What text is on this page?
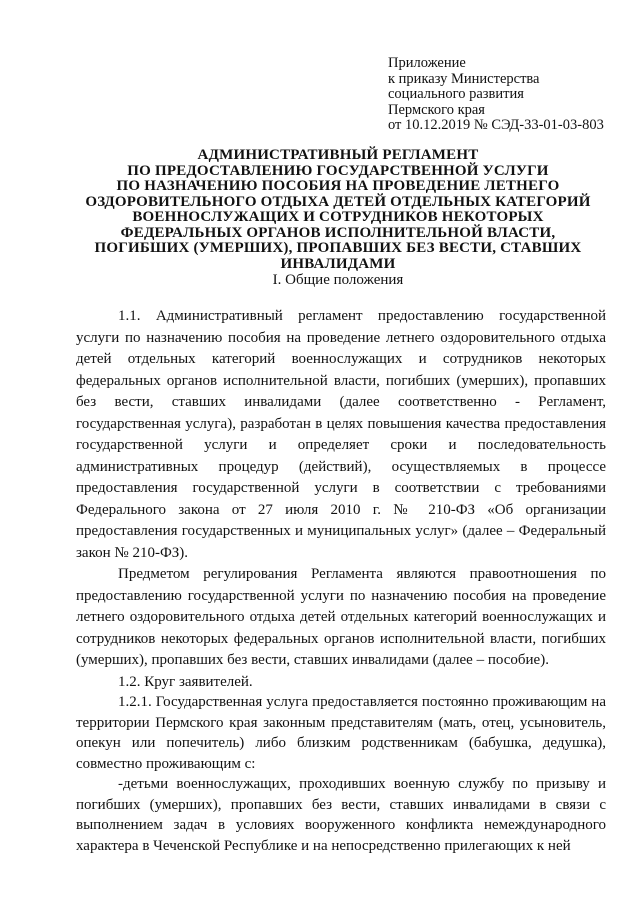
Приложение
к приказу Министерства
социального развития
Пермского края
от 10.12.2019 № СЭД-33-01-03-803
АДМИНИСТРАТИВНЫЙ РЕГЛАМЕНТ
ПО ПРЕДОСТАВЛЕНИЮ ГОСУДАРСТВЕННОЙ УСЛУГИ
ПО НАЗНАЧЕНИЮ ПОСОБИЯ НА ПРОВЕДЕНИЕ ЛЕТНЕГО
ОЗДОРОВИТЕЛЬНОГО ОТДЫХА ДЕТЕЙ ОТДЕЛЬНЫХ КАТЕГОРИЙ
ВОЕННОСЛУЖАЩИХ И СОТРУДНИКОВ НЕКОТОРЫХ
ФЕДЕРАЛЬНЫХ ОРГАНОВ ИСПОЛНИТЕЛЬНОЙ ВЛАСТИ,
ПОГИБШИХ (УМЕРШИХ), ПРОПАВШИХ БЕЗ ВЕСТИ, СТАВШИХ
ИНВАЛИДАМИ
I. Общие положения

1.1. Административный регламент предоставлению государственной услуги по назначению пособия на проведение летнего оздоровительного отдыха детей отдельных категорий военнослужащих и сотрудников некоторых федеральных органов исполнительной власти, погибших (умерших), пропавших без вести, ставших инвалидами (далее соответственно - Регламент, государственная услуга), разработан в целях повышения качества предоставления государственной услуги и определяет сроки и последовательность административных процедур (действий), осуществляемых в процессе предоставления государственной услуги в соответствии с требованиями Федерального закона от 27 июля 2010 г. № 210-ФЗ «Об организации предоставления государственных и муниципальных услуг» (далее – Федеральный закон № 210-ФЗ).

Предметом регулирования Регламента являются правоотношения по предоставлению государственной услуги по назначению пособия на проведение летнего оздоровительного отдыха детей отдельных категорий военнослужащих и сотрудников некоторых федеральных органов исполнительной власти, погибших (умерших), пропавших без вести, ставших инвалидами (далее – пособие).

1.2. Круг заявителей.

1.2.1. Государственная услуга предоставляется постоянно проживающим на территории Пермского края законным представителям (мать, отец, усыновитель, опекун или попечитель) либо близким родственникам (бабушка, дедушка), совместно проживающим с:

-детьми военнослужащих, проходивших военную службу по призыву и погибших (умерших), пропавших без вести, ставших инвалидами в связи с выполнением задач в условиях вооруженного конфликта немеждународного характера в Чеченской Республике и на непосредственно прилегающих к ней
